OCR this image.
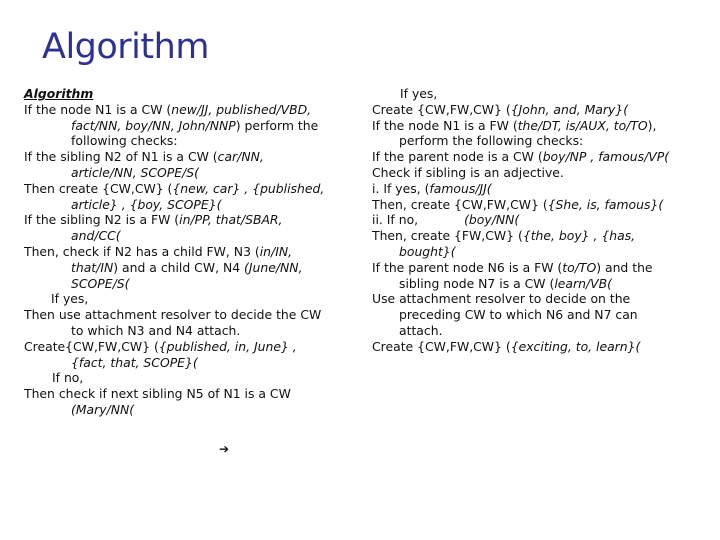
Algorithm
Algorithm
If the node N1 is a CW (new/JJ, published/VBD,
fact/NN, boy/NN, John/NNP) perform the
following checks:
If the sibling N2 of N1 is a CW (car/NN,
article/NN, SCOPE/S(
Then create {CW,CW} ({new, car} , {published,
article} , {boy, SCOPE}(
If the sibling N2 is a FW (in/PP, that/SBAR,
and/CC(
Then, check if N2 has a child FW, N3 (in/IN,
that/IN) and a child CW, N4 (June/NN,
SCOPE/S(
If yes,
Then use attachment resolver to decide the CW
to which N3 and N4 attach.
Create{CW,FW,CW} ({published, in, June} ,
{fact, that, SCOPE}(
If no,
Then check if next sibling N5 of N1 is a CW
(Mary/NN(
➔
If yes,
Create {CW,FW,CW} ({John, and, Mary}(
If the node N1 is a FW (the/DT, is/AUX, to/TO),
perform the following checks:
If the parent node is a CW (boy/NP , famous/VP(
Check if sibling is an adjective.
i. If yes, (famous/JJ(
Then, create {CW,FW,CW} ({She, is, famous}(
ii. If no,	(boy/NN(
Then, create {FW,CW} ({the, boy} , {has,
bought}(
If the parent node N6 is a FW (to/TO) and the
sibling node N7 is a CW (learn/VB(
Use attachment resolver to decide on the
preceding CW to which N6 and N7 can
attach.
Create {CW,FW,CW} ({exciting, to, learn}(
